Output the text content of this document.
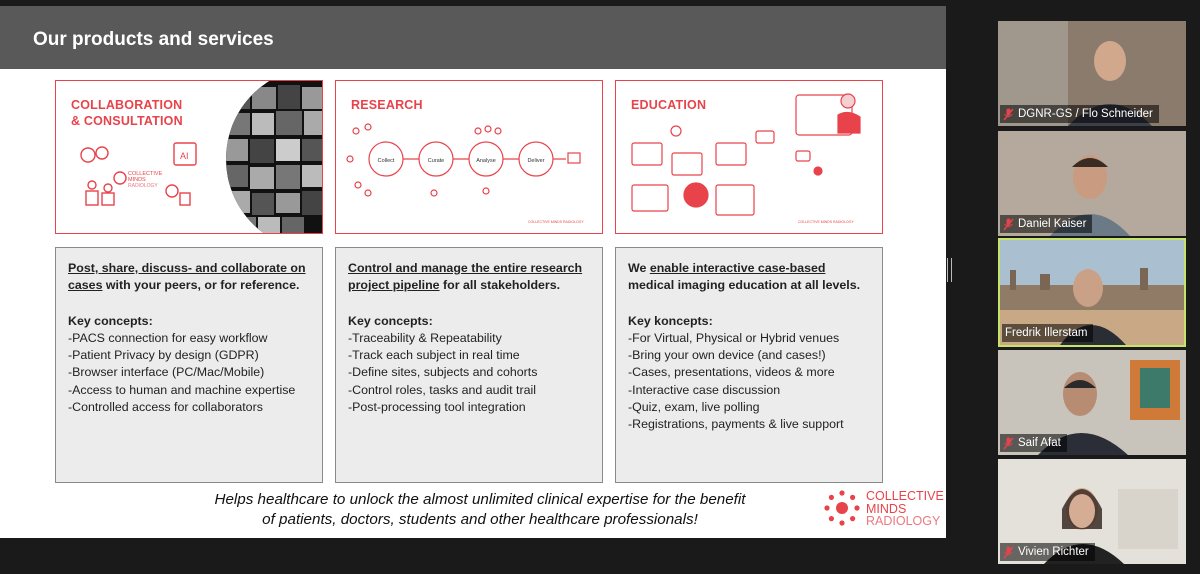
Our products and services
AI
COLLECTIVE
MINDS
RADIOLOGY
COLLABORATION
& CONSULTATION
Collect	Curate	Analyse	Deliver
COLLECTIVE MINDS RADIOLOGY
RESEARCH
COLLECTIVE MINDS RADIOLOGY
EDUCATION
Post, share, discuss- and collaborate on cases with your peers, or for reference.
Key concepts:
-PACS connection for easy workflow
-Patient Privacy by design (GDPR)
-Browser interface (PC/Mac/Mobile)
-Access to human and machine expertise
-Controlled access for collaborators
Control and manage the entire research project pipeline for all stakeholders.
Key concepts:
-Traceability & Repeatability
-Track each subject in real time
-Define sites, subjects and cohorts
-Control roles, tasks and audit trail
-Post-processing tool integration
We enable interactive case-based medical imaging education at all levels.
Key koncepts:
-For Virtual, Physical or Hybrid venues
-Bring your own device (and cases!)
-Cases, presentations, videos & more
-Interactive case discussion
-Quiz, exam, live polling
-Registrations, payments & live support
Helps healthcare to unlock the almost unlimited clinical expertise for the benefit
of patients, doctors, students and other healthcare professionals!
COLLECTIVE
MINDS
RADIOLOGY
DGNR-GS / Flo Schneider
Daniel Kaiser
Fredrik Illerstam
Saif Afat
Vivien Richter
